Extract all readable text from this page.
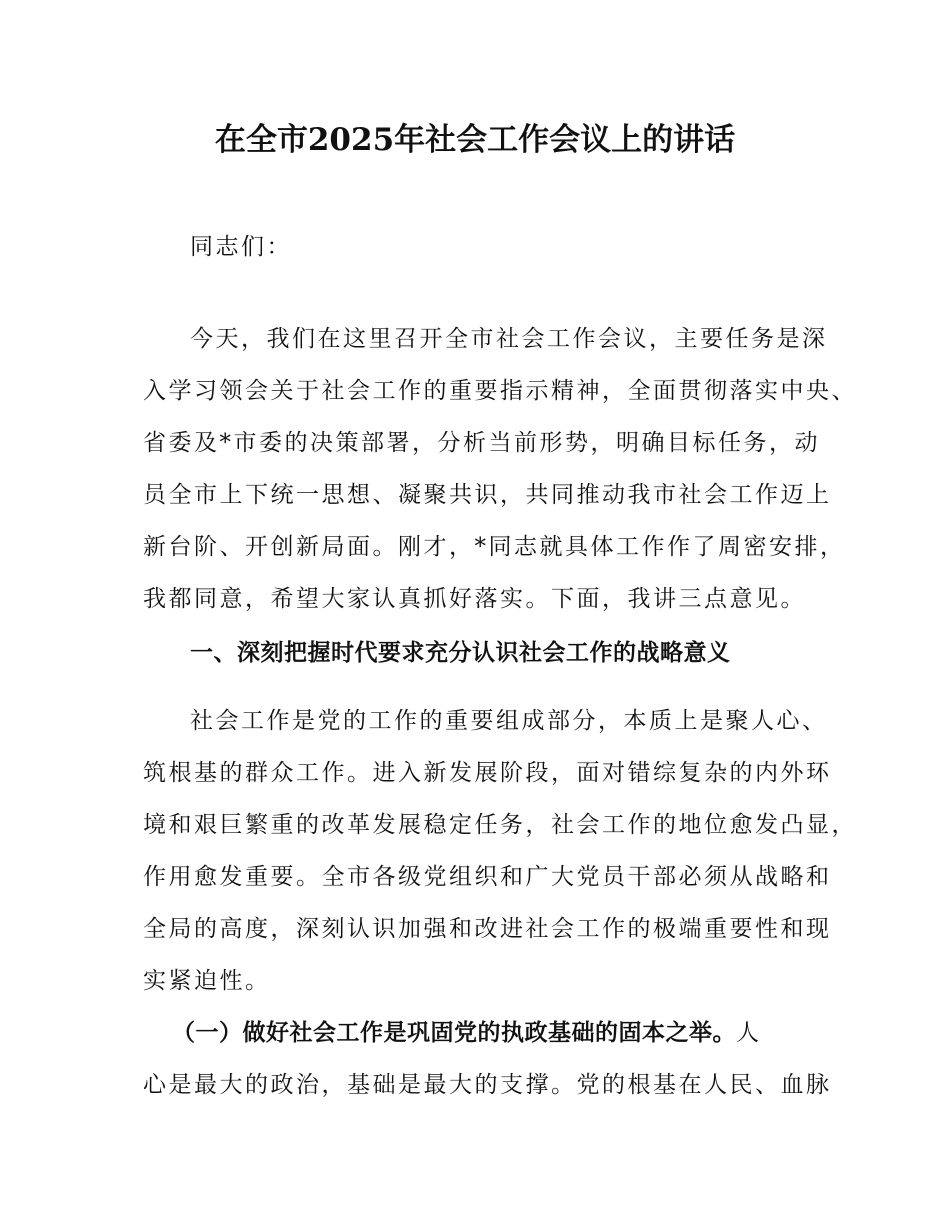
在全市2025年社会工作会议上的讲话

同志们：

今天，我们在这里召开全市社会工作会议，主要任务是深

入学习领会关于社会工作的重要指示精神，全面贯彻落实中央、

省委及*市委的决策部署，分析当前形势，明确目标任务，动

员全市上下统一思想、凝聚共识，共同推动我市社会工作迈上

新台阶、开创新局面。刚才，*同志就具体工作作了周密安排，

我都同意，希望大家认真抓好落实。下面，我讲三点意见。

一、深刻把握时代要求充分认识社会工作的战略意义

社会工作是党的工作的重要组成部分，本质上是聚人心、

筑根基的群众工作。进入新发展阶段，面对错综复杂的内外环

境和艰巨繁重的改革发展稳定任务，社会工作的地位愈发凸显，

作用愈发重要。全市各级党组织和广大党员干部必须从战略和

全局的高度，深刻认识加强和改进社会工作的极端重要性和现

实紧迫性。

（一）做好社会工作是巩固党的执政基础的固本之举。人

心是最大的政治，基础是最大的支撑。党的根基在人民、血脉
